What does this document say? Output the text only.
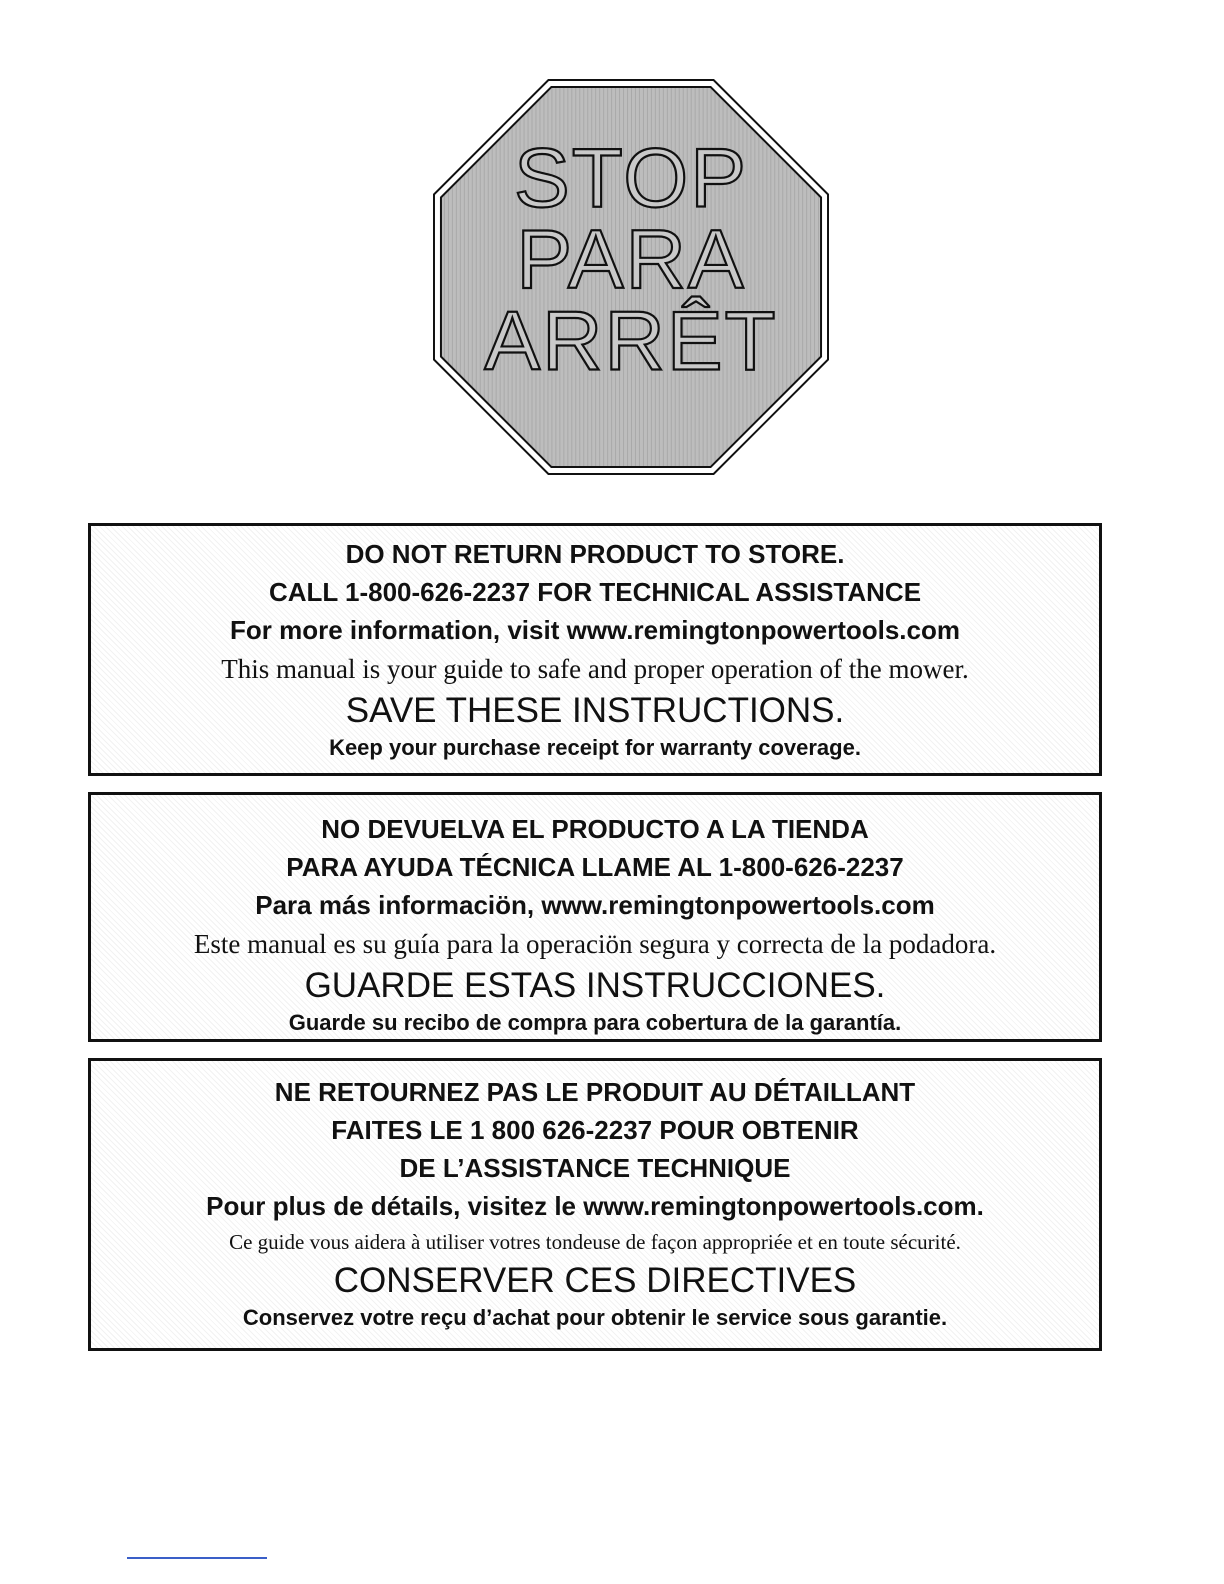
STOP
PARA
ARRÊT
DO NOT RETURN PRODUCT TO STORE.
CALL 1-800-626-2237 FOR TECHNICAL ASSISTANCE
For more information, visit www.remingtonpowertools.com
This manual is your guide to safe and proper operation of the mower.
SAVE THESE INSTRUCTIONS.
Keep your purchase receipt for warranty coverage.
NO DEVUELVA EL PRODUCTO A LA TIENDA
PARA AYUDA TÉCNICA LLAME AL 1-800-626-2237
Para más informaciön, www.remingtonpowertools.com
Este manual es su guía para la operaciön segura y correcta de la podadora.
GUARDE ESTAS INSTRUCCIONES.
Guarde su recibo de compra para cobertura de la garantía.
NE RETOURNEZ PAS LE PRODUIT AU DÉTAILLANT
FAITES LE 1 800 626-2237 POUR OBTENIR
DE L’ASSISTANCE TECHNIQUE
Pour plus de détails, visitez le www.remingtonpowertools.com.
Ce guide vous aidera à utiliser votres tondeuse de façon appropriée et en toute sécurité.
CONSERVER CES DIRECTIVES
Conservez votre reçu d’achat pour obtenir le service sous garantie.
